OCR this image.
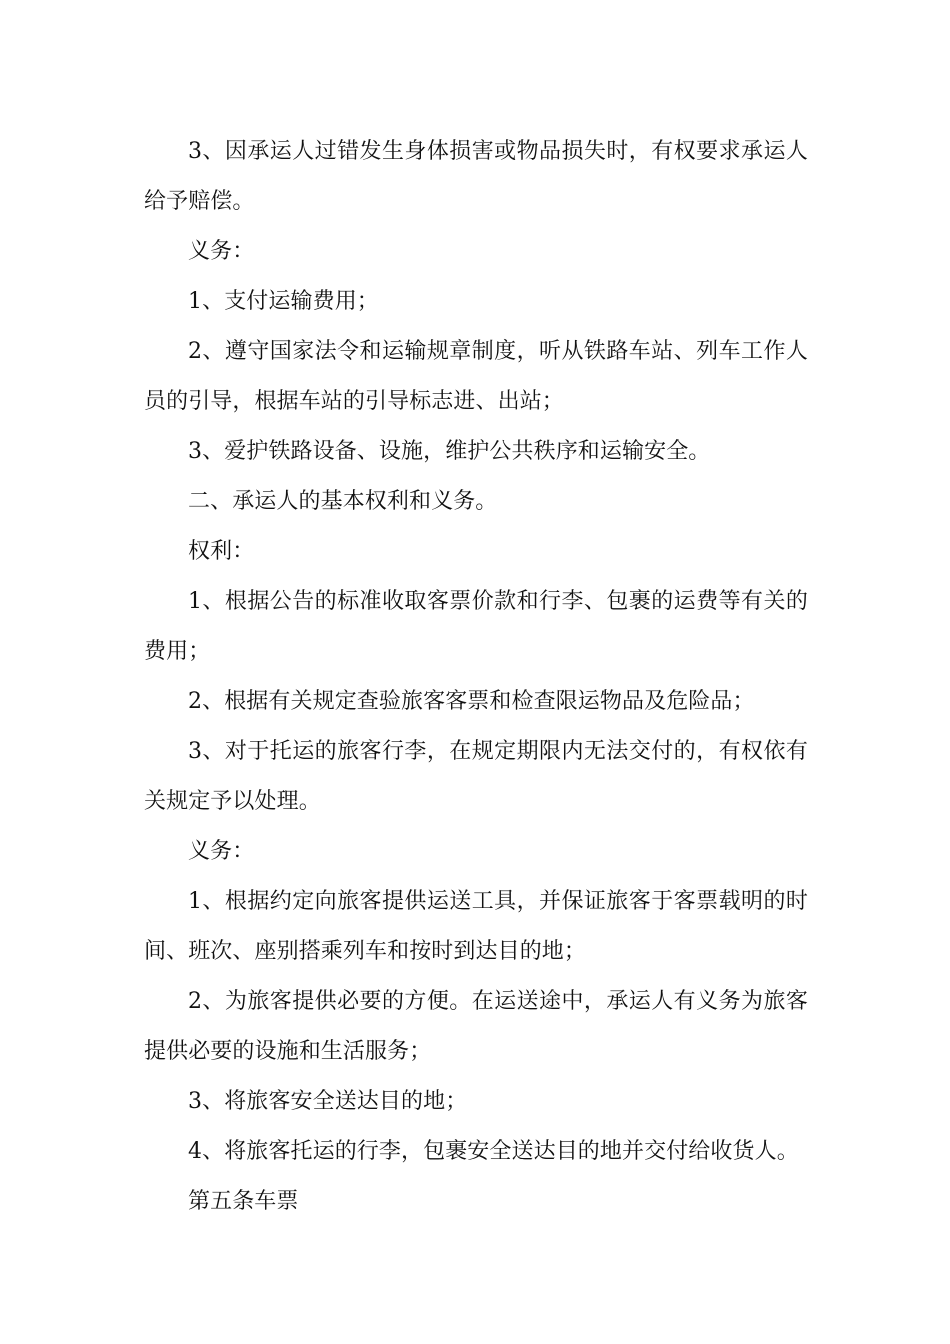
3、因承运人过错发生身体损害或物品损失时，有权要求承运人给予赔偿。

义务：

1、支付运输费用；

2、遵守国家法令和运输规章制度，听从铁路车站、列车工作人员的引导，根据车站的引导标志进、出站；

3、爱护铁路设备、设施，维护公共秩序和运输安全。

二、承运人的基本权利和义务。

权利：

1、根据公告的标准收取客票价款和行李、包裹的运费等有关的费用；

2、根据有关规定查验旅客客票和检查限运物品及危险品；

3、对于托运的旅客行李，在规定期限内无法交付的，有权依有关规定予以处理。

义务：

1、根据约定向旅客提供运送工具，并保证旅客于客票载明的时间、班次、座别搭乘列车和按时到达目的地；

2、为旅客提供必要的方便。在运送途中，承运人有义务为旅客提供必要的设施和生活服务；

3、将旅客安全送达目的地；

4、将旅客托运的行李，包裹安全送达目的地并交付给收货人。

第五条车票
